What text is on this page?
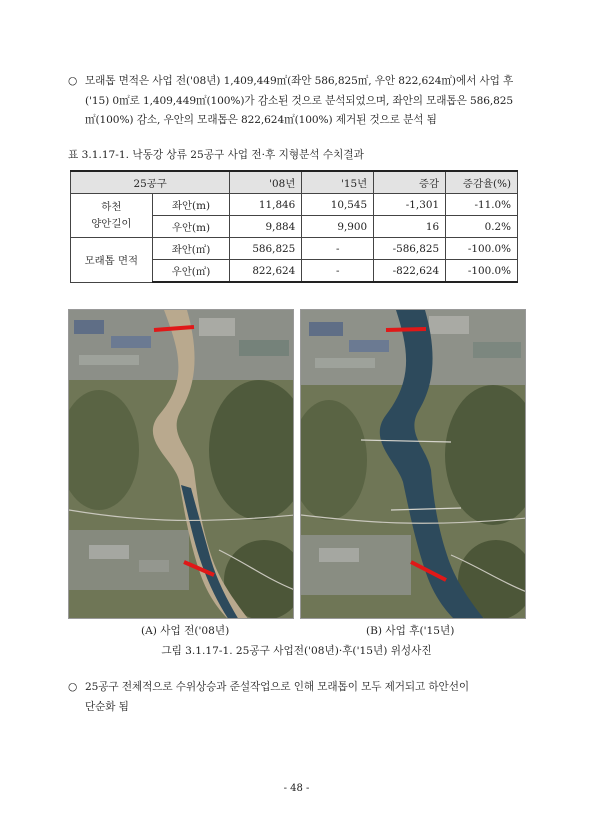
○ 모래톱 면적은 사업 전('08년) 1,409,449㎡(좌안 586,825㎡, 우안 822,624㎡)에서 사업 후
('15) 0㎡로 1,409,449㎡(100%)가 감소된 것으로 분석되었으며, 좌안의 모래톱은 586,825
㎡(100%) 감소, 우안의 모래톱은 822,624㎡(100%) 제거된 것으로 분석 됨
표 3.1.17-1. 낙동강 상류 25공구 사업 전·후 지형분석 수치결과
25공구		'08년	'15년	증감	증감율(%)
하천
양안길이	좌안(m)	11,846	10,545	-1,301	-11.0%
	우안(m)	9,884	9,900	16	0.2%
모래톱 면적	좌안(㎡)	586,825	-	-586,825	-100.0%
	우안(㎡)	822,624	-	-822,624	-100.0%
(A) 사업 전('08년)	(B) 사업 후('15년)
그림 3.1.17-1. 25공구 사업전('08년)·후('15년) 위성사진
○ 25공구 전체적으로 수위상승과 준설작업으로 인해 모래톱이 모두 제거되고 하안선이
단순화 됨
- 48 -
